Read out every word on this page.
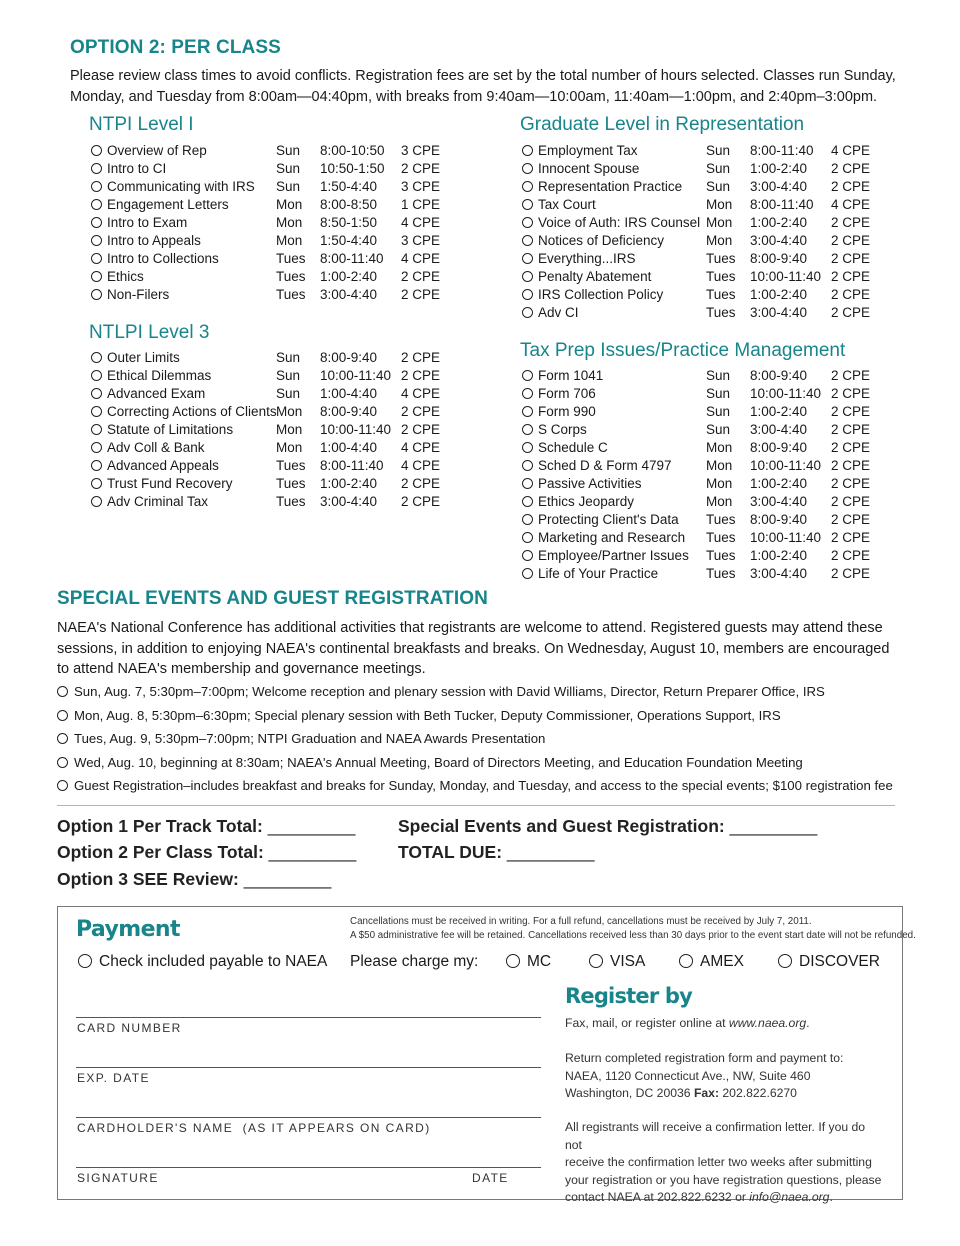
OPTION 2: PER CLASS
Please review class times to avoid conflicts. Registration fees are set by the total number of hours selected. Classes run Sunday,
Monday, and Tuesday from 8:00am—04:40pm, with breaks from 9:40am—10:00am, 11:40am—1:00pm, and 2:40pm–3:00pm.
NTPI Level I
NTLPI Level 3
Graduate Level in Representation
Tax Prep Issues/Practice Management
Overview of Rep	Sun 8:00-10:50 3 CPE
Intro to CI	Sun 10:50-1:50 2 CPE
Communicating with IRS Sun 1:50-4:40 3 CPE
Engagement Letters	Mon 8:00-8:50 1 CPE
Intro to Exam	Mon 8:50-1:50 4 CPE
Intro to Appeals	Mon 1:50-4:40 3 CPE
Intro to Collections	Tues 8:00-11:40 4 CPE
Ethics	Tues 1:00-2:40 2 CPE
Non-Filers	Tues 3:00-4:40 2 CPE
Outer Limits	Sun 8:00-9:40 2 CPE
Ethical Dilemmas	Sun 10:00-11:40 2 CPE
Advanced Exam	Sun 1:00-4:40 4 CPE
Correcting Actions of Clients Mon 8:00-9:40 2 CPE
Statute of Limitations	Mon 10:00-11:40 2 CPE
Adv Coll & Bank	Mon 1:00-4:40 4 CPE
Advanced Appeals	Tues 8:00-11:40 4 CPE
Trust Fund Recovery	Tues 1:00-2:40 2 CPE
Adv Criminal Tax	Tues 3:00-4:40 2 CPE
Employment Tax	Sun 8:00-11:40 4 CPE
Innocent Spouse	Sun 1:00-2:40 2 CPE
Representation Practice Sun 3:00-4:40 2 CPE
Tax Court	Mon 8:00-11:40 4 CPE
Voice of Auth: IRS Counsel Mon 1:00-2:40 2 CPE
Notices of Deficiency	Mon 3:00-4:40 2 CPE
Everything...IRS	Tues 8:00-9:40 2 CPE
Penalty Abatement	Tues 10:00-11:40 2 CPE
IRS Collection Policy	Tues 1:00-2:40 2 CPE
Adv CI	Tues 3:00-4:40 2 CPE
Form 1041	Sun 8:00-9:40 2 CPE
Form 706	Sun 10:00-11:40 2 CPE
Form 990	Sun 1:00-2:40 2 CPE
S Corps	Sun 3:00-4:40 2 CPE
Schedule C	Mon 8:00-9:40 2 CPE
Sched D & Form 4797	Mon 10:00-11:40 2 CPE
Passive Activities	Mon 1:00-2:40 2 CPE
Ethics Jeopardy	Mon 3:00-4:40 2 CPE
Protecting Client's Data Tues 8:00-9:40 2 CPE
Marketing and Research Tues 10:00-11:40 2 CPE
Employee/Partner Issues Tues 1:00-2:40 2 CPE
Life of Your Practice	Tues 3:00-4:40 2 CPE
SPECIAL EVENTS AND GUEST REGISTRATION
NAEA's National Conference has additional activities that registrants are welcome to attend. Registered guests may attend these
sessions, in addition to enjoying NAEA's continental breakfasts and breaks. On Wednesday, August 10, members are encouraged
to attend NAEA's membership and governance meetings.
Sun, Aug. 7, 5:30pm–7:00pm; Welcome reception and plenary session with David Williams, Director, Return Preparer Office, IRS
Mon, Aug. 8, 5:30pm–6:30pm; Special plenary session with Beth Tucker, Deputy Commissioner, Operations Support, IRS
Tues, Aug. 9, 5:30pm–7:00pm; NTPI Graduation and NAEA Awards Presentation
Wed, Aug. 10, beginning at 8:30am; NAEA's Annual Meeting, Board of Directors Meeting, and Education Foundation Meeting
Guest Registration–includes breakfast and breaks for Sunday, Monday, and Tuesday, and access to the special events; $100 registration fee
Option 1 Per Track Total: _________
Option 2 Per Class Total: _________
Option 3 SEE Review: _________
Special Events and Guest Registration: _________
TOTAL DUE: _________
Payment	Cancellations must be received in writing. For a full refund, cancellations must be received by July 7, 2011.
A $50 administrative fee will be retained. Cancellations received less than 30 days prior to the event start date will not be refunded.
Check included payable to NAEA Please charge my:	MC	VISA	AMEX	DISCOVER
CARD NUMBER
EXP. DATE
CARDHOLDER'S NAME  (AS IT APPEARS ON CARD)
SIGNATURE	DATE
Register by
Fax, mail, or register online at www.naea.org.
Return completed registration form and payment to:
NAEA, 1120 Connecticut Ave., NW, Suite 460
Washington, DC 20036 Fax: 202.822.6270
All registrants will receive a confirmation letter. If you do not
receive the confirmation letter two weeks after submitting
your registration or you have registration questions, please
contact NAEA at 202.822.6232 or info@naea.org.
